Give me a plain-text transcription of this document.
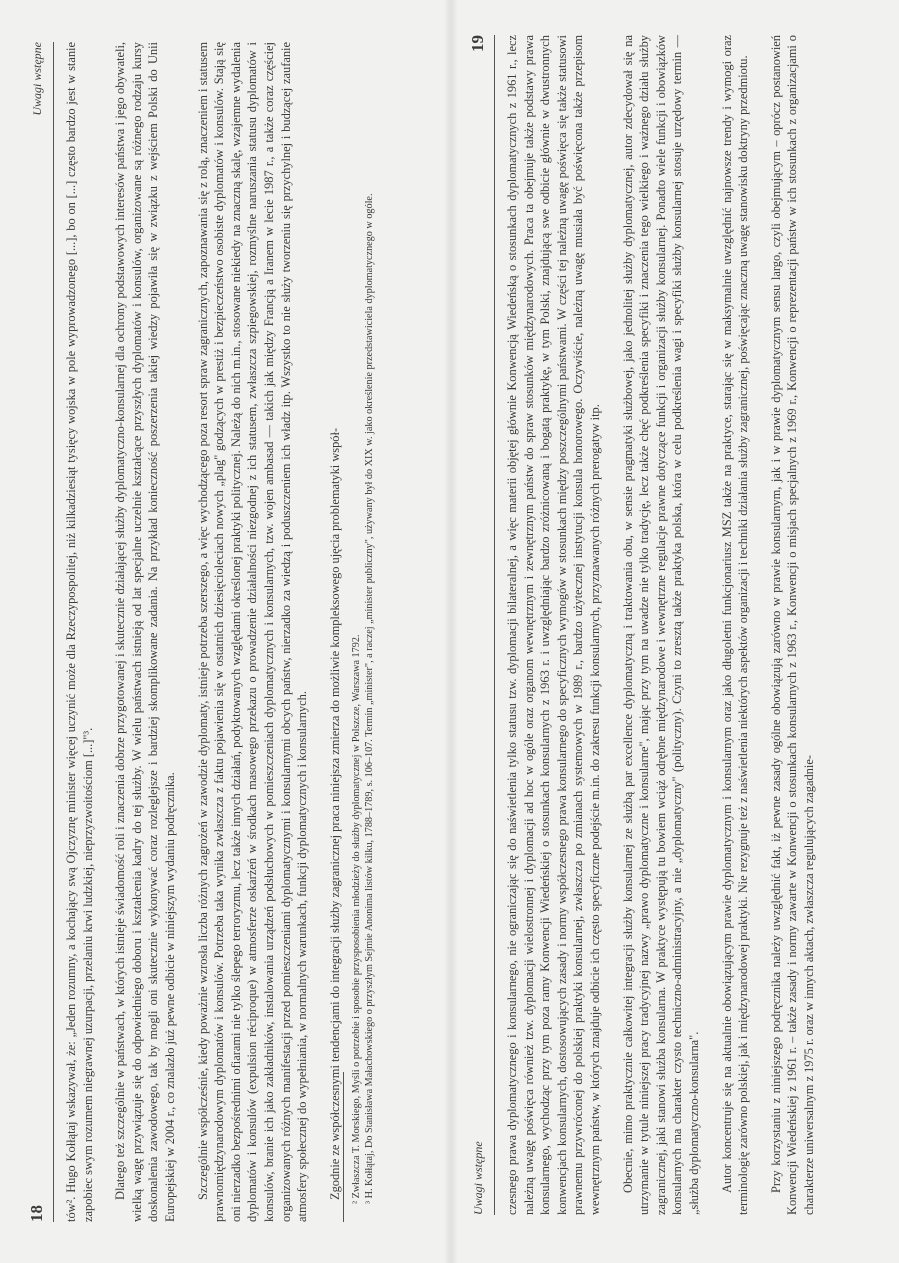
18
Uwagi wstępne tów². Hugo Kołłątaj wskazywał, że: „Jeden rozumny, a kochający swą Ojczyznę minister więcej uczynić może dla Rzeczypospolitej, niż kilkadziesiąt tysięcy wojska w pole wyprowadzonego [...], bo on [...] często bardzo jest w stanie zapobiec swym rozumem niegrawnej uzurpacji, przelaniu krwi ludzkiej, nieprzyzwoitościom [...]"³. Dlatego też szczególnie w państwach, w których istnieje świadomość roli i znaczenia dobrze przygotowanej i skutecznie działającej służby dyplomatyczno-konsularnej dla ochrony podstawowych interesów państwa i jego obywateli, wielką wagę przywiązuje się do odpowiedniego doboru i kształcenia kadry do tej służby. W wielu państwach istnieją od lat specjalne uczelnie kształcące przyszłych dyplomatów i konsulów, organizowane są różnego rodzaju kursy doskonalenia zawodowego, tak by mogli oni skutecznie wykonywać coraz rozleglejsze i bardziej skomplikowane zadania. Na przykład konieczność poszerzenia takiej wiedzy pojawiła się w związku z wejściem Polski do Unii Europejskiej w 2004 r., co znalazło już pewne odbicie w niniejszym wydaniu podręcznika. Szczególnie współcześnie, kiedy poważnie wzrosła liczba różnych zagrożeń w zawodzie dyplomaty, istnieje potrzeba szerszego, a więc wychodzącego poza resort spraw zagranicznych, zapoznawania się z rolą, znaczeniem i statusem prawnomiędzynarodowym dyplomatów i konsulów. Potrzeba taka wynika zwłaszcza z faktu pojawienia się w ostatnich dziesięcioleciach nowych „plag" godzących w prestiż i bezpieczeństwo osobiste dyplomatów i konsulów. Stają się oni nierzadko bezpośrednimi ofiarami nie tylko ślepego terroryzmu, lecz także innych działań, podyktowanych względami określonej praktyki politycznej. Należą do nich m.in., stosowane niekiedy na znaczną skalę, wzajemne wydalenia dyplomatów i konsulów (expulsion réciproque) w atmosferze oskarżeń w środkach masowego przekazu o prowadzenie działalności niezgodnej z ich statusem, zwłaszcza szpiegowskiej, rozmyślne naruszania statusu dyplomatów i konsulów, branie ich jako zakładników, instalowania urządzeń podsłuchowych w pomieszczeniach dyplomatycznych i konsularnych, tzw. wojen ambasad — takich jak między Francją a Iranem w lecie 1987 r., a także coraz częściej organizowanych różnych manifestacji przed pomieszczeniami dyplomatycznymi i konsularnymi obcych państw, nierzadko za wiedzą i poduszczeniem ich władz itp. Wszystko to nie służy tworzeniu się przychylnej i budzącej zaufanie atmosfery społecznej do wypełniania, w normalnych warunkach, funkcji dyplomatycznych i konsularnych. Zgodnie ze współczesnymi tendencjami do integracji służby zagranicznej praca niniejsza zmierza do możliwie kompleksowego ujęcia problematyki współ- ² Zwłaszcza T. Morskiego, Myśli o potrzebie i sposobie przysposobienia młodzieży do służby dyplomatycznej w Polszcze, Warszawa 1792. ³ H. Kołłątaj, Do Stanisława Małachowskiego o przyszłym Sejmie Anonima listów kilku, 1788–1789, s. 106–107. Termin „minister", a raczej „minister publiczny", używany był do XIX w. jako określenie przedstawiciela dyplomatycznego w ogóle.	Uwagi wstępne
19 czesnego prawa dyplomatycznego i konsularnego, nie ograniczając się do naświetlenia tylko statusu tzw. dyplomacji bilateralnej, a więc materii objętej głównie Konwencją Wiedeńską o stosunkach dyplomatycznych z 1961 r., lecz należną uwagę poświęca również tzw. dyplomacji wielostronnej i dyplomacji ad hoc w ogóle oraz organom wewnętrznym i zewnętrznym państw do spraw stosunków międzynarodowych. Praca ta obejmuje także podstawy prawa konsularnego, wychodząc przy tym poza ramy Konwencji Wiedeńskiej o stosunkach konsularnych z 1963 r. i uwzględniając bardzo zróżnicowaną i bogatą praktykę, w tym Polski, znajdującą swe odbicie głównie w dwustronnych konwencjach konsularnych, dostosowujących zasady i normy współczesnego prawa konsularnego do specyficznych wymogów w stosunkach między poszczególnymi państwami. W części tej należną uwagę poświęca się także statusowi prawnemu przywróconej do polskiej praktyki konsularnej, zwłaszcza po zmianach systemowych w 1989 r., bardzo użytecznej instytucji konsula honorowego. Oczywiście, należną uwagę musiała być poświęcona także przepisom wewnętrznym państw, w których znajduje odbicie ich często specyficzne podejście m.in. do zakresu funkcji konsularnych, przyznawanych różnych prerogatyw itp. Obecnie, mimo praktycznie całkowitej integracji służby konsularnej ze służbą par excellence dyplomatyczną i traktowania obu, w sensie pragmatyki służbowej, jako jednolitej służby dyplomatycznej, autor zdecydował się na utrzymanie w tytule niniejszej pracy tradycyjnej nazwy „prawo dyplomatyczne i konsularne", mając przy tym na uwadze nie tylko tradycję, lecz także chęć podkreślenia specyfiki i znaczenia tego wielkiego i ważnego działu służby zagranicznej, jaki stanowi służba konsularna. W praktyce występują tu bowiem wciąż odrębne międzynarodowe i wewnętrzne regulacje prawne dotyczące funkcji i organizacji służby konsularnej. Ponadto wiele funkcji i obowiązków konsularnych ma charakter czysto techniczno-administracyjny, a nie „dyplomatyczny" (polityczny). Czyni to zresztą także praktyka polska, która w celu podkreślenia wagi i specyfiki służby konsularnej stosuje urzędowy termin — „służba dyplomatyczno-konsularna". Autor koncentruje się na aktualnie obowiązującym prawie dyplomatycznym i konsularnym oraz jako długoletni funkcjonariusz MSZ także na praktyce, starając się w maksymalnie uwzględnić najnowsze trendy i wymogi oraz terminologię zarówno polskiej, jak i międzynarodowej praktyki. Nie rezygnuje też z naświetlenia niektórych aspektów organizacji i techniki działania służby zagranicznej, poświęcając znaczną uwagę stanowisku doktryny przedmiotu. Przy korzystaniu z niniejszego podręcznika należy uwzględnić fakt, iż pewne zasady ogólne obowiązują zarówno w prawie konsularnym, jak i w prawie dyplomatycznym sensu largo, czyli obejmującym – oprócz postanowień Konwencji Wiedeńskiej z 1961 r. – także zasady i normy zawarte w Konwencji o stosunkach konsularnych z 1963 r., Konwencji o misjach specjalnych z 1969 r., Konwencji o reprezentacji państw w ich stosunkach z organizacjami o charakterze uniwersalnym z 1975 r. oraz w innych aktach, zwłaszcza regulujących zagadnie-
